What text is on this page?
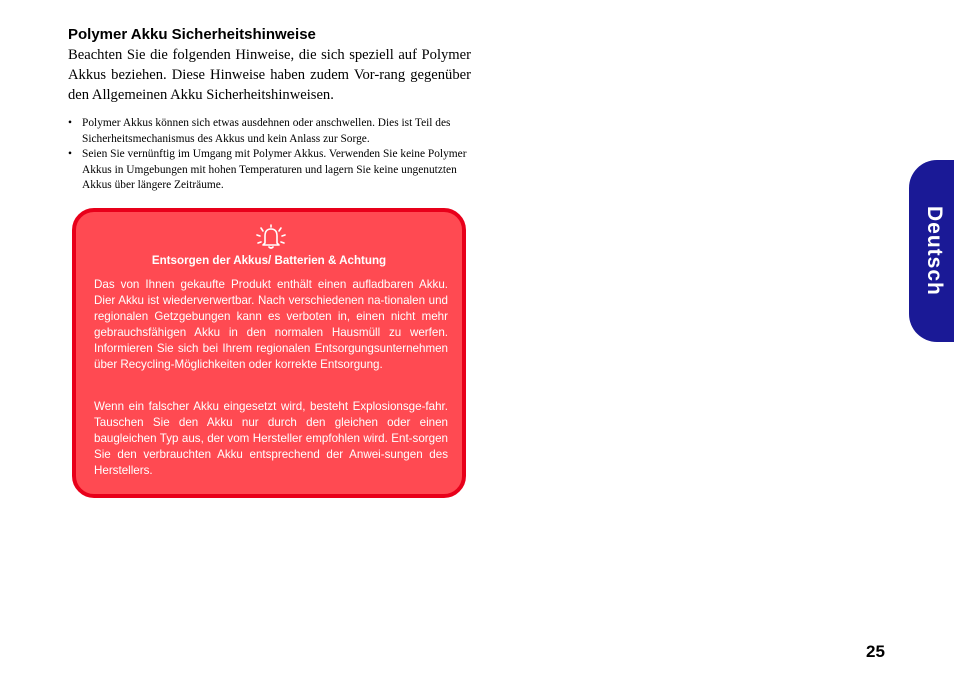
Polymer Akku Sicherheitshinweise
Beachten Sie die folgenden Hinweise, die sich speziell auf Polymer Akkus beziehen. Diese Hinweise haben zudem Vor-rang gegenüber den Allgemeinen Akku Sicherheitshinweisen.
• Polymer Akkus können sich etwas ausdehnen oder anschwellen. Dies ist Teil des Sicherheitsmechanismus des Akkus und kein Anlass zur Sorge.
• Seien Sie vernünftig im Umgang mit Polymer Akkus. Verwenden Sie keine Polymer Akkus in Umgebungen mit hohen Temperaturen und lagern Sie keine ungenutzten Akkus über längere Zeiträume.
Entsorgen der Akkus/ Batterien & Achtung

Das von Ihnen gekaufte Produkt enthält einen aufladbaren Akku. Dier Akku ist wiederverwertbar. Nach verschiedenen na-tionalen und regionalen Getzgebungen kann es verboten in, einen nicht mehr gebrauchsfähigen Akku in den normalen Hausmüll zu werfen. Informieren Sie sich bei Ihrem regionalen Entsorgungsunternehmen über Recycling-Möglichkeiten oder korrekte Entsorgung.

Wenn ein falscher Akku eingesetzt wird, besteht Explosionsge-fahr. Tauschen Sie den Akku nur durch den gleichen oder einen baugleichen Typ aus, der vom Hersteller empfohlen wird. Ent-sorgen Sie den verbrauchten Akku entsprechend der Anwei-sungen des Herstellers.

Deutsch
25
